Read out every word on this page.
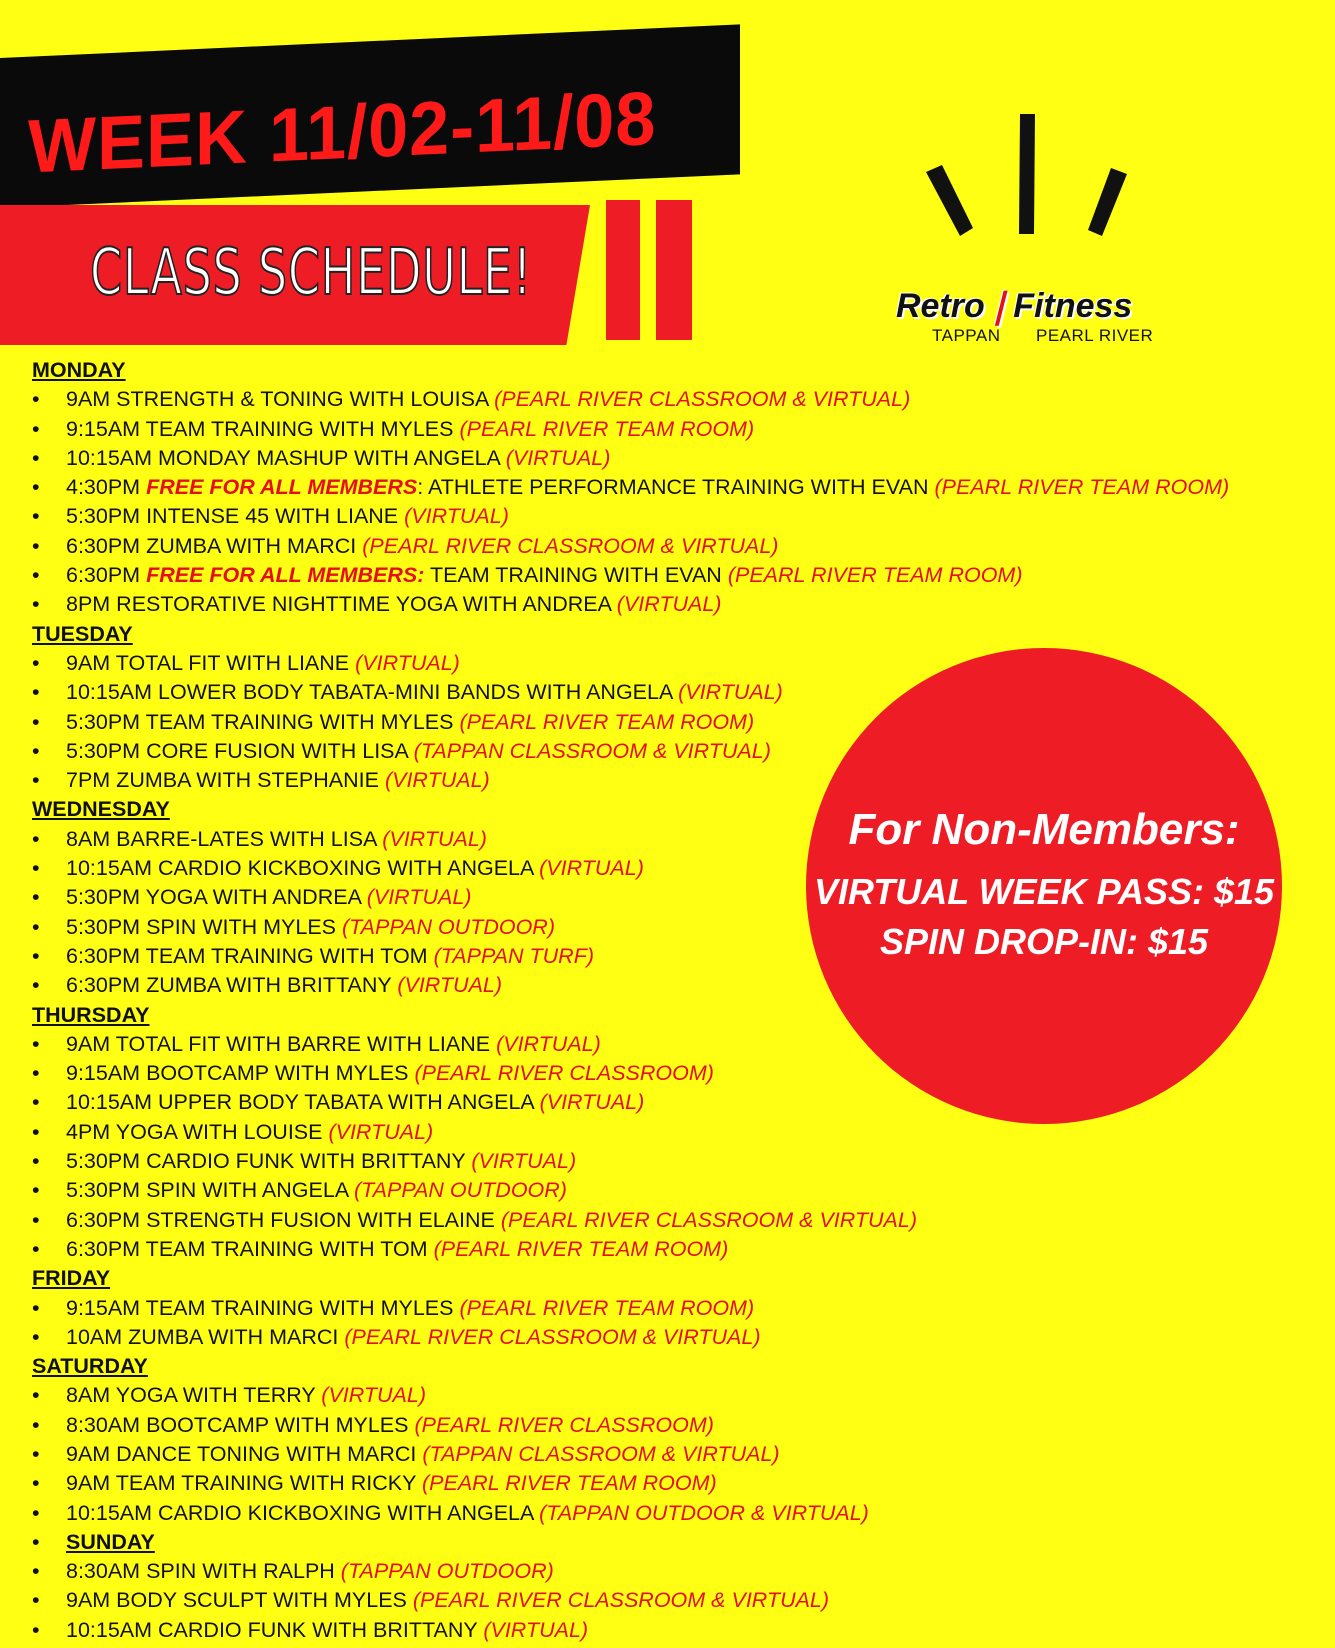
WEEK 11/02-11/08
CLASS SCHEDULE!	Retro❘Fitness
TAPPAN PEARL RIVER
MONDAY
• 9AM STRENGTH & TONING WITH LOUISA (PEARL RIVER CLASSROOM & VIRTUAL)
• 9:15AM TEAM TRAINING WITH MYLES (PEARL RIVER TEAM ROOM)
• 10:15AM MONDAY MASHUP WITH ANGELA (VIRTUAL)
• 4:30PM FREE FOR ALL MEMBERS: ATHLETE PERFORMANCE TRAINING WITH EVAN (PEARL RIVER TEAM ROOM)
• 5:30PM INTENSE 45 WITH LIANE (VIRTUAL)
• 6:30PM ZUMBA WITH MARCI (PEARL RIVER CLASSROOM & VIRTUAL)
• 6:30PM FREE FOR ALL MEMBERS: TEAM TRAINING WITH EVAN (PEARL RIVER TEAM ROOM)
• 8PM RESTORATIVE NIGHTTIME YOGA WITH ANDREA (VIRTUAL)
TUESDAY
• 9AM TOTAL FIT WITH LIANE (VIRTUAL)
• 10:15AM LOWER BODY TABATA-MINI BANDS WITH ANGELA (VIRTUAL)
• 5:30PM TEAM TRAINING WITH MYLES (PEARL RIVER TEAM ROOM)
• 5:30PM CORE FUSION WITH LISA (TAPPAN CLASSROOM & VIRTUAL)
• 7PM ZUMBA WITH STEPHANIE (VIRTUAL)
WEDNESDAY
• 8AM BARRE-LATES WITH LISA (VIRTUAL)
• 10:15AM CARDIO KICKBOXING WITH ANGELA (VIRTUAL)
• 5:30PM YOGA WITH ANDREA (VIRTUAL)
• 5:30PM SPIN WITH MYLES (TAPPAN OUTDOOR)
• 6:30PM TEAM TRAINING WITH TOM (TAPPAN TURF)
• 6:30PM ZUMBA WITH BRITTANY (VIRTUAL)
THURSDAY
• 9AM TOTAL FIT WITH BARRE WITH LIANE (VIRTUAL)
• 9:15AM BOOTCAMP WITH MYLES (PEARL RIVER CLASSROOM)
• 10:15AM UPPER BODY TABATA WITH ANGELA (VIRTUAL)
• 4PM YOGA WITH LOUISE (VIRTUAL)
• 5:30PM CARDIO FUNK WITH BRITTANY (VIRTUAL)
• 5:30PM SPIN WITH ANGELA (TAPPAN OUTDOOR)
• 6:30PM STRENGTH FUSION WITH ELAINE (PEARL RIVER CLASSROOM & VIRTUAL)
• 6:30PM TEAM TRAINING WITH TOM (PEARL RIVER TEAM ROOM)
FRIDAY
• 9:15AM TEAM TRAINING WITH MYLES (PEARL RIVER TEAM ROOM)
• 10AM ZUMBA WITH MARCI (PEARL RIVER CLASSROOM & VIRTUAL)
SATURDAY
• 8AM YOGA WITH TERRY (VIRTUAL)
• 8:30AM BOOTCAMP WITH MYLES (PEARL RIVER CLASSROOM)
• 9AM DANCE TONING WITH MARCI (TAPPAN CLASSROOM & VIRTUAL)
• 9AM TEAM TRAINING WITH RICKY (PEARL RIVER TEAM ROOM)
• 10:15AM CARDIO KICKBOXING WITH ANGELA (TAPPAN OUTDOOR & VIRTUAL)
• SUNDAY
• 8:30AM SPIN WITH RALPH (TAPPAN OUTDOOR)
• 9AM BODY SCULPT WITH MYLES (PEARL RIVER CLASSROOM & VIRTUAL)
• 10:15AM CARDIO FUNK WITH BRITTANY (VIRTUAL)
For Non-Members:
VIRTUAL WEEK PASS: $15
SPIN DROP-IN: $15
